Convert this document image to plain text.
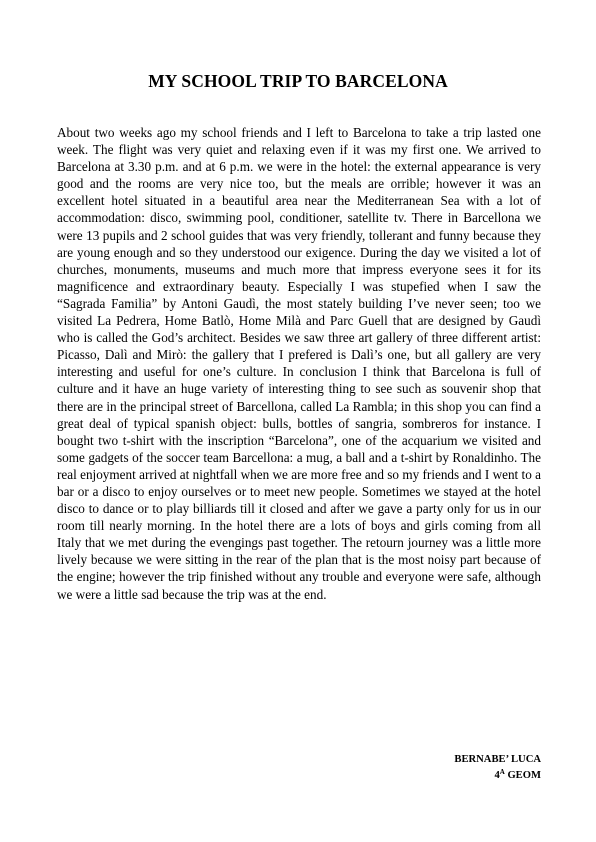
MY SCHOOL TRIP TO BARCELONA

About two weeks ago my school friends and I left to Barcelona to take a trip lasted one week. The flight was very quiet and relaxing even if it was my first one. We arrived to Barcelona at 3.30 p.m. and at 6 p.m. we were in the hotel: the external appearance is very good and the rooms are very nice too, but the meals are orrible; however it was an excellent hotel situated in a beautiful area near the Mediterranean Sea with a lot of accommodation: disco, swimming pool, conditioner, satellite tv. There in Barcellona we were 13 pupils and 2 school guides that was very friendly, tollerant and funny because they are young enough and so they understood our exigence. During the day we visited a lot of churches, monuments, museums and much more that impress everyone sees it for its magnificence and extraordinary beauty. Especially I was stupefied when I saw the “Sagrada Familia” by Antoni Gaudì, the most stately building I’ve never seen; too we visited La Pedrera, Home Batlò, Home Milà and Parc Guell that are designed by Gaudì who is called the God’s architect. Besides we saw three art gallery of three different artist: Picasso, Dalì and Mirò: the gallery that I prefered is Dalì’s one, but all gallery are very interesting and useful for one’s culture. In conclusion I think that Barcelona is full of culture and it have an huge variety of interesting thing to see such as souvenir shop that there are in the principal street of Barcellona, called La Rambla; in this shop you can find a great deal of typical spanish object: bulls, bottles of sangria, sombreros for instance. I bought two t-shirt with the inscription “Barcelona”, one of the acquarium we visited and some gadgets of the soccer team Barcellona: a mug, a ball and a t-shirt by Ronaldinho. The real enjoyment arrived at nightfall when we are more free and so my friends and I went to a bar or a disco to enjoy ourselves or to meet new people. Sometimes we stayed at the hotel disco to dance or to play billiards till it closed and after we gave a party only for us in our room till nearly morning. In the hotel there are a lots of boys and girls coming from all Italy that we met during the evengings past together. The retourn journey was a little more lively because we were sitting in the rear of the plan that is the most noisy part because of the engine; however the trip finished without any trouble and everyone were safe, although we were a little sad because the trip was at the end.

BERNABE’ LUCA
$4^A$ GEOM
